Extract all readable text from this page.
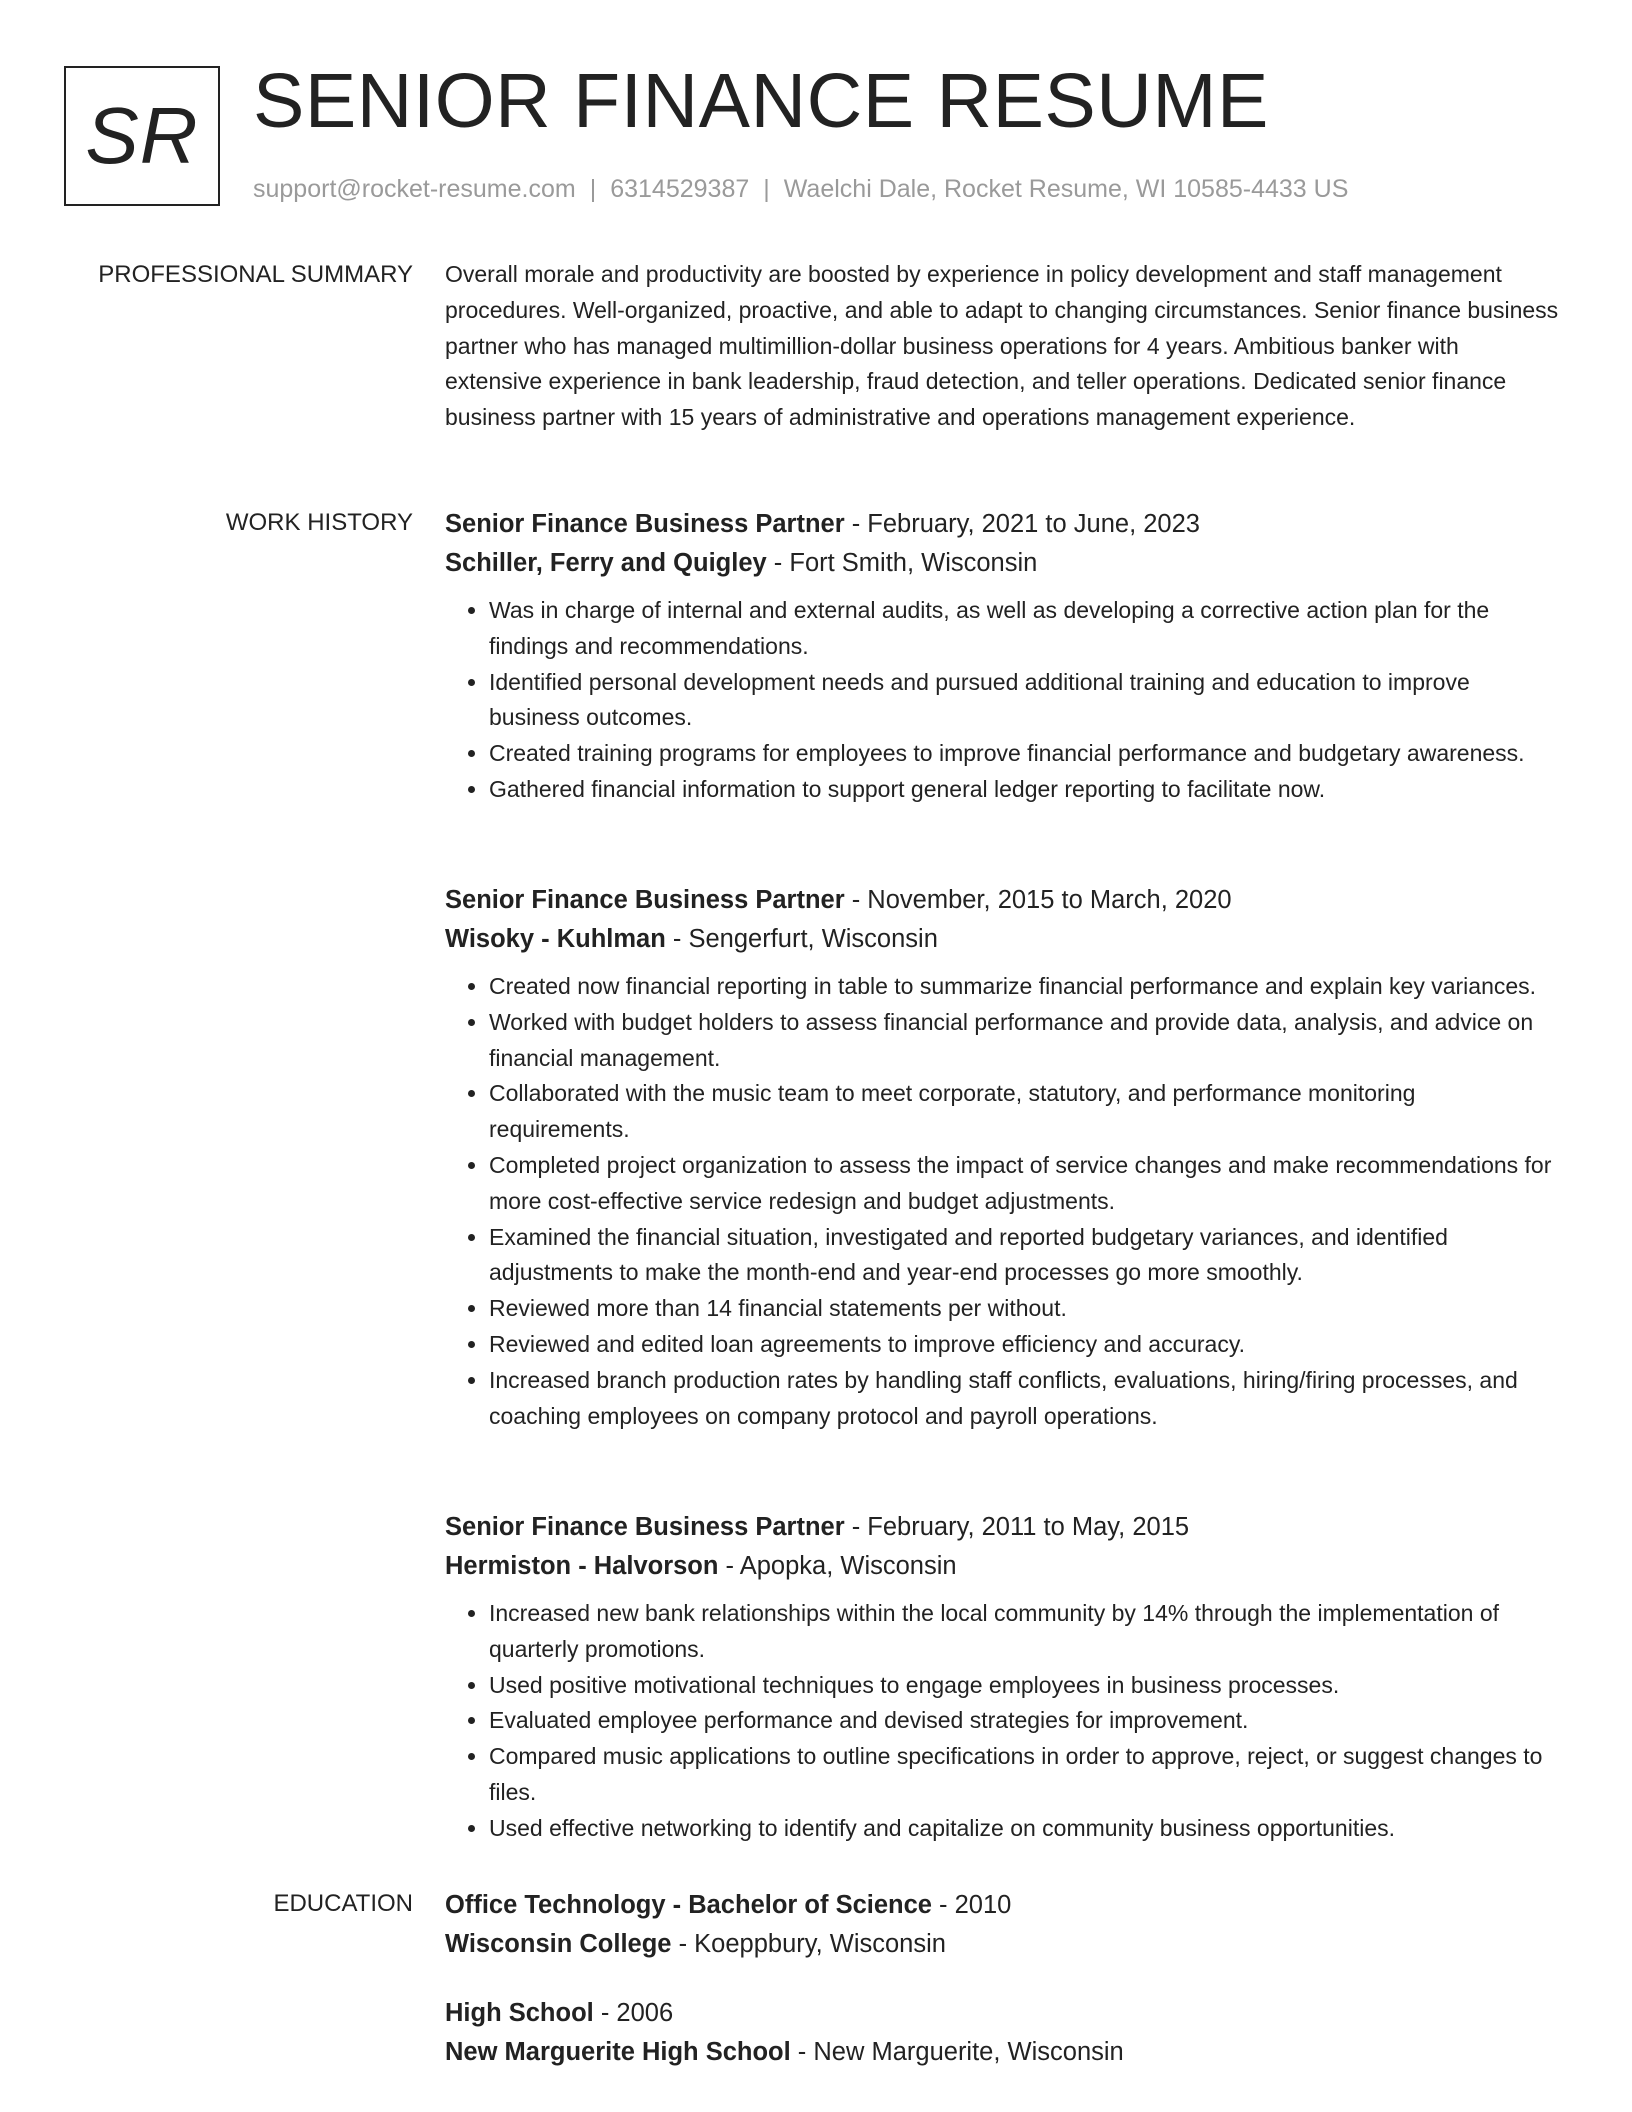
SR SENIOR FINANCE RESUME
support@rocket-resume.com | 6314529387 | Waelchi Dale, Rocket Resume, WI 10585-4433 US
PROFESSIONAL SUMMARY Overall morale and productivity are boosted by experience in policy development and staff management procedures. Well-organized, proactive, and able to adapt to changing circumstances. Senior finance business partner who has managed multimillion-dollar business operations for 4 years. Ambitious banker with extensive experience in bank leadership, fraud detection, and teller operations. Dedicated senior finance business partner with 15 years of administrative and operations management experience.

WORK HISTORY Senior Finance Business Partner - February, 2021 to June, 2023
Schiller, Ferry and Quigley - Fort Smith, Wisconsin
• Was in charge of internal and external audits, as well as developing a corrective action plan for the findings and recommendations.
• Identified personal development needs and pursued additional training and education to improve business outcomes.
• Created training programs for employees to improve financial performance and budgetary awareness.
• Gathered financial information to support general ledger reporting to facilitate now.
Senior Finance Business Partner - November, 2015 to March, 2020
Wisoky - Kuhlman - Sengerfurt, Wisconsin
• Created now financial reporting in table to summarize financial performance and explain key variances.
• Worked with budget holders to assess financial performance and provide data, analysis, and advice on financial management.
• Collaborated with the music team to meet corporate, statutory, and performance monitoring requirements.
• Completed project organization to assess the impact of service changes and make recommendations for more cost-effective service redesign and budget adjustments.
• Examined the financial situation, investigated and reported budgetary variances, and identified adjustments to make the month-end and year-end processes go more smoothly.
• Reviewed more than 14 financial statements per without.
• Reviewed and edited loan agreements to improve efficiency and accuracy.
• Increased branch production rates by handling staff conflicts, evaluations, hiring/firing processes, and coaching employees on company protocol and payroll operations.
Senior Finance Business Partner - February, 2011 to May, 2015
Hermiston - Halvorson - Apopka, Wisconsin
• Increased new bank relationships within the local community by 14% through the implementation of quarterly promotions.
• Used positive motivational techniques to engage employees in business processes.
• Evaluated employee performance and devised strategies for improvement.
• Compared music applications to outline specifications in order to approve, reject, or suggest changes to files.
• Used effective networking to identify and capitalize on community business opportunities.
EDUCATION Office Technology - Bachelor of Science - 2010
Wisconsin College - Koeppbury, Wisconsin
High School - 2006
New Marguerite High School - New Marguerite, Wisconsin
